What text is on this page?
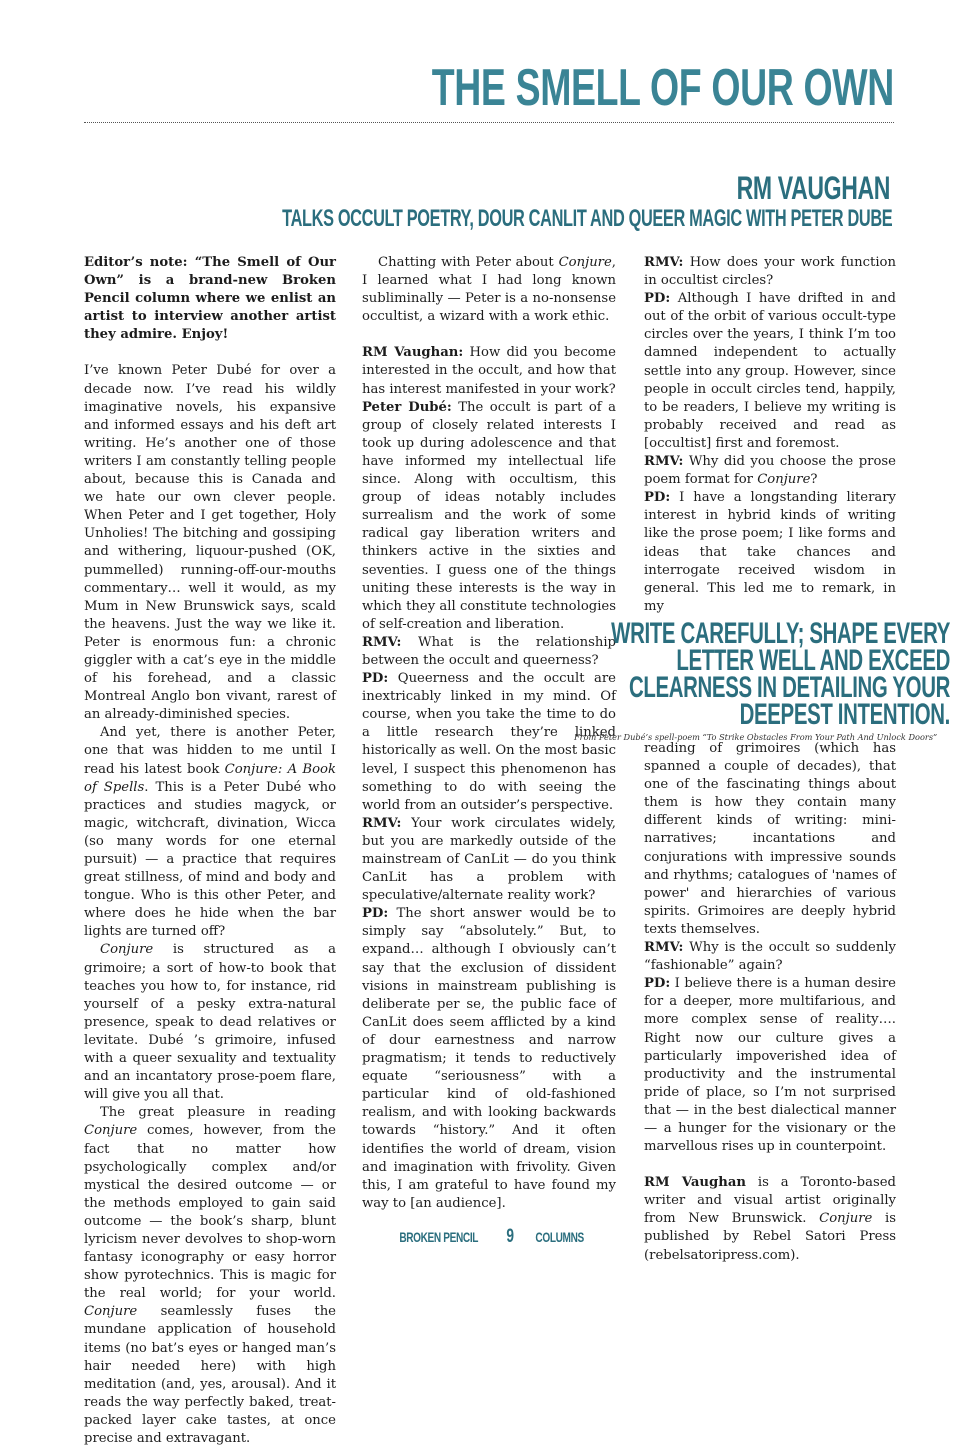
THE SMELL OF OUR OWN
RM VAUGHAN
TALKS OCCULT POETRY, DOUR CANLIT AND QUEER MAGIC WITH PETER DUBE

Editor’s note: “The Smell of Our Own” is a brand-new Broken Pencil column where we enlist an artist to interview another artist they admire. Enjoy!

I’ve known Peter Dubé for over a decade now. I’ve read his wildly imaginative novels, his expansive and informed essays and his deft art writing. He’s another one of those writers I am constantly telling people about, because this is Canada and we hate our own clever people. When Peter and I get together, Holy Unholies! The bitching and gossiping and withering, liquour-pushed (OK, pummelled) running-off-our-mouths commentary… well it would, as my Mum in New Brunswick says, scald the heavens. Just the way we like it. Peter is enormous fun: a chronic giggler with a cat’s eye in the middle of his forehead, and a classic Montreal Anglo bon vivant, rarest of an already-diminished species.

And yet, there is another Peter, one that was hidden to me until I read his latest book Conjure: A Book of Spells. This is a Peter Dubé who practices and studies magyck, or magic, witchcraft, divination, Wicca (so many words for one eternal pursuit) — a practice that requires great stillness, of mind and body and tongue. Who is this other Peter, and where does he hide when the bar lights are turned off?

Conjure is structured as a grimoire; a sort of how-to book that teaches you how to, for instance, rid yourself of a pesky extra-natural presence, speak to dead relatives or levitate. Dubé ’s grimoire, infused with a queer sexuality and textuality and an incantatory prose-poem flare, will give you all that.

The great pleasure in reading Conjure comes, however, from the fact that no matter how psychologically complex and/or mystical the desired outcome — or the methods employed to gain said outcome — the book’s sharp, blunt lyricism never devolves to shop-worn fantasy iconography or easy horror show pyrotechnics. This is magic for the real world; for your world. Conjure seamlessly fuses the mundane application of household items (no bat’s eyes or hanged man’s hair needed here) with high meditation (and, yes, arousal). And it reads the way perfectly baked, treat-packed layer cake tastes, at once precise and extravagant.

Chatting with Peter about Conjure, I learned what I had long known subliminally — Peter is a no-nonsense occultist, a wizard with a work ethic.

RM Vaughan: How did you become interested in the occult, and how that has interest manifested in your work?

Peter Dubé: The occult is part of a group of closely related interests I took up during adolescence and that have informed my intellectual life since. Along with occultism, this group of ideas notably includes surrealism and the work of some radical gay liberation writers and thinkers active in the sixties and seventies. I guess one of the things uniting these interests is the way in which they all constitute technologies of self-creation and liberation.

RMV: What is the relationship between the occult and queerness?

PD: Queerness and the occult are inextricably linked in my mind. Of course, when you take the time to do a little research they’re linked historically as well. On the most basic level, I suspect this phenomenon has something to do with seeing the world from an outsider’s perspective.

RMV: Your work circulates widely, but you are markedly outside of the mainstream of CanLit — do you think CanLit has a problem with speculative/alternate reality work?

PD: The short answer would be to simply say “absolutely.” But, to expand… although I obviously can’t say that the exclusion of dissident visions in mainstream publishing is deliberate per se, the public face of CanLit does seem afflicted by a kind of dour earnestness and narrow pragmatism; it tends to reductively equate “seriousness” with a particular kind of old-fashioned realism, and with looking backwards towards “history.” And it often identifies the world of dream, vision and imagination with frivolity. Given this, I am grateful to have found my way to [an audience].

RMV: How does your work function in occultist circles?

PD: Although I have drifted in and out of the orbit of various occult-type circles over the years, I think I’m too damned independent to actually settle into any group. However, since people in occult circles tend, happily, to be readers, I believe my writing is probably received and read as [occultist] first and foremost.

RMV: Why did you choose the prose poem format for Conjure?

PD: I have a longstanding literary interest in hybrid kinds of writing like the prose poem; I like forms and ideas that take chances and interrogate received wisdom in general. This led me to remark, in my

WRITE CAREFULLY; SHAPE EVERY LETTER WELL AND EXCEED CLEARNESS IN DETAILING YOUR DEEPEST INTENTION.
From Peter Dubé’s spell-poem “To Strike Obstacles From Your Path And Unlock Doors”

reading of grimoires (which has spanned a couple of decades), that one of the fascinating things about them is how they contain many different kinds of writing: mini-narratives; incantations and conjurations with impressive sounds and rhythms; catalogues of 'names of power' and hierarchies of various spirits. Grimoires are deeply hybrid texts themselves.

RMV: Why is the occult so suddenly “fashionable” again?

PD: I believe there is a human desire for a deeper, more multifarious, and more complex sense of reality…. Right now our culture gives a particularly impoverished idea of productivity and the instrumental pride of place, so I’m not surprised that — in the best dialectical manner — a hunger for the visionary or the marvellous rises up in counterpoint.

RM Vaughan is a Toronto-based writer and visual artist originally from New Brunswick. Conjure is published by Rebel Satori Press (rebelsatoripress.com).

BROKEN PENCIL 9 COLUMNS
